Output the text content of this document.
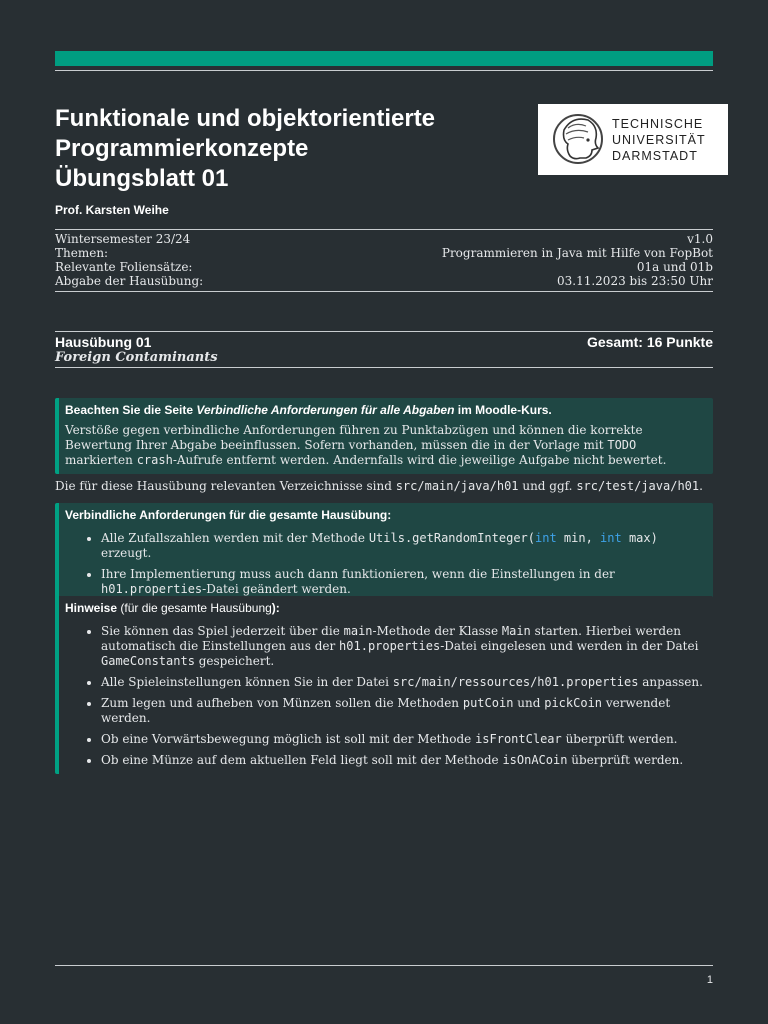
Funktionale und objektorientierte
Programmierkonzepte
Übungsblatt 01
Prof. Karsten Weihe
TECHNISCHE
UNIVERSITÄT
DARMSTADT
Wintersemester 23/24	v1.0
Themen:	Programmieren in Java mit Hilfe von FopBot
Relevante Foliensätze:	01a und 01b
Abgabe der Hausübung:	03.11.2023 bis 23:50 Uhr
Hausübung 01	Gesamt: 16 Punkte
Foreign Contaminants
Beachten Sie die Seite Verbindliche Anforderungen für alle Abgaben im Moodle-Kurs.

Verstöße gegen verbindliche Anforderungen führen zu Punktabzügen und können die korrekte Bewertung Ihrer Abgabe beeinflussen. Sofern vorhanden, müssen die in der Vorlage mit TODO markierten crash-Aufrufe entfernt werden. Andernfalls wird die jeweilige Aufgabe nicht bewertet.

Die für diese Hausübung relevanten Verzeichnisse sind src/main/java/h01 und ggf. src/test/java/h01.
Verbindliche Anforderungen für die gesamte Hausübung:
• Alle Zufallszahlen werden mit der Methode Utils.getRandomInteger(int min, int max) erzeugt.
• Ihre Implementierung muss auch dann funktionieren, wenn die Einstellungen in der h01.properties-Datei geändert werden.
Hinweise (für die gesamte Hausübung):
• Sie können das Spiel jederzeit über die main-Methode der Klasse Main starten. Hierbei werden automatisch die Einstellungen aus der h01.properties-Datei eingelesen und werden in der Datei GameConstants gespeichert.
• Alle Spieleinstellungen können Sie in der Datei src/main/ressources/h01.properties anpassen.
• Zum legen und aufheben von Münzen sollen die Methoden putCoin und pickCoin verwendet werden.
• Ob eine Vorwärtsbewegung möglich ist soll mit der Methode isFrontClear überprüft werden.
• Ob eine Münze auf dem aktuellen Feld liegt soll mit der Methode isOnACoin überprüft werden.
1
